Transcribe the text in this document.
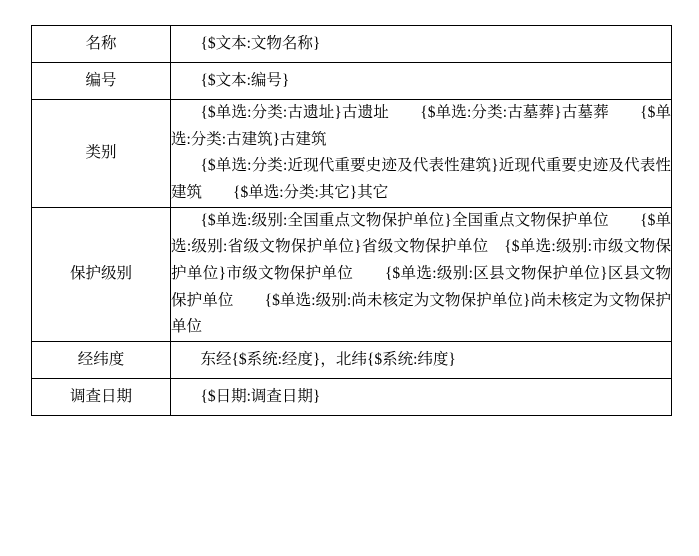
名称	{$文本:文物名称}

编号	{$文本:编号}

类别	{$单选:分类:古遗址}古遗址　　{$单选:分类:古墓葬}古墓葬　　{$单选:分类:古建筑}古建筑
{$单选:分类:近现代重要史迹及代表性建筑}近现代重要史迹及代表性建筑　　{$单选:分类:其它}其它

保护级别	{$单选:级别:全国重点文物保护单位}全国重点文物保护单位　　{$单选:级别:省级文物保护单位}省级文物保护单位　{$单选:级别:市级文物保护单位}市级文物保护单位　　{$单选:级别:区县文物保护单位}区县文物保护单位　　{$单选:级别:尚未核定为文物保护单位}尚未核定为文物保护单位

经纬度	东经{$系统:经度}，北纬{$系统:纬度}

调查日期	{$日期:调查日期}
